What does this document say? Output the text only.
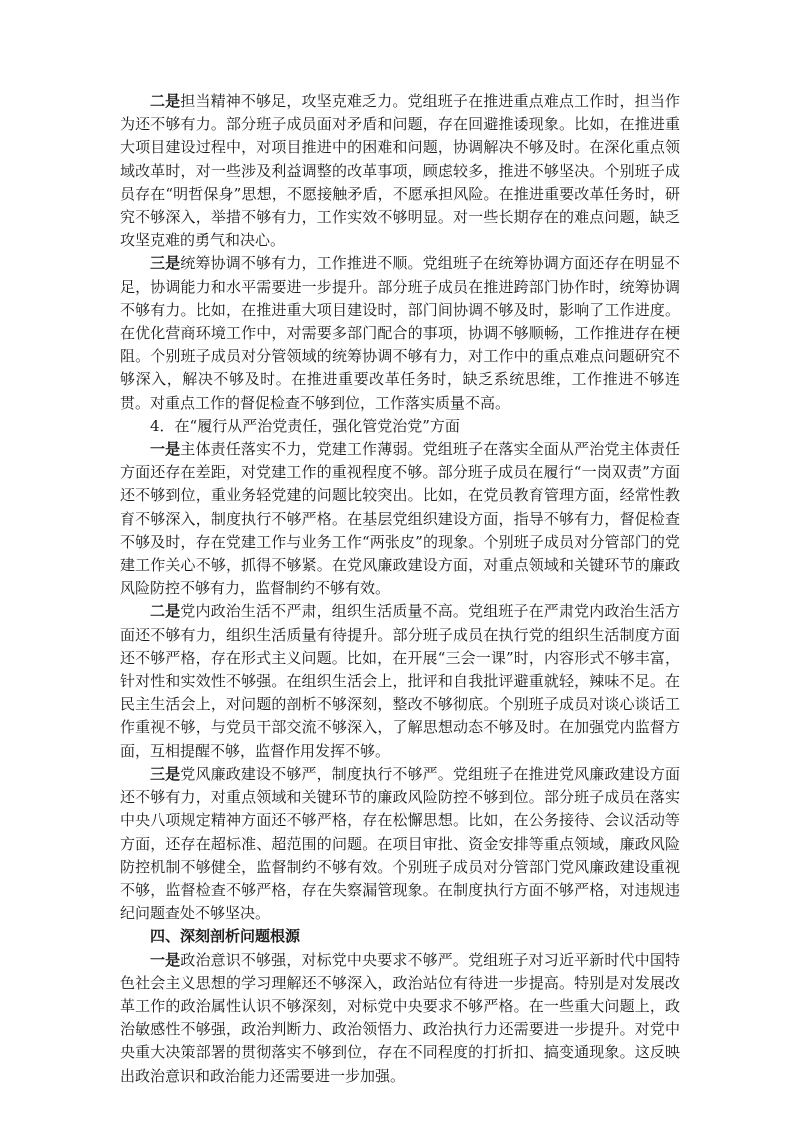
二是担当精神不够足，攻坚克难乏力。党组班子在推进重点难点工作时，担当作为还不够有力。部分班子成员面对矛盾和问题，存在回避推诿现象。比如，在推进重大项目建设过程中，对项目推进中的困难和问题，协调解决不够及时。在深化重点领域改革时，对一些涉及利益调整的改革事项，顾虑较多，推进不够坚决。个别班子成员存在“明哲保身”思想，不愿接触矛盾，不愿承担风险。在推进重要改革任务时，研究不够深入，举措不够有力，工作实效不够明显。对一些长期存在的难点问题，缺乏攻坚克难的勇气和决心。

三是统筹协调不够有力，工作推进不顺。党组班子在统筹协调方面还存在明显不足，协调能力和水平需要进一步提升。部分班子成员在推进跨部门协作时，统筹协调不够有力。比如，在推进重大项目建设时，部门间协调不够及时，影响了工作进度。在优化营商环境工作中，对需要多部门配合的事项，协调不够顺畅，工作推进存在梗阻。个别班子成员对分管领域的统筹协调不够有力，对工作中的重点难点问题研究不够深入，解决不够及时。在推进重要改革任务时，缺乏系统思维，工作推进不够连贯。对重点工作的督促检查不够到位，工作落实质量不高。

4．在“履行从严治党责任，强化管党治党”方面

一是主体责任落实不力，党建工作薄弱。党组班子在落实全面从严治党主体责任方面还存在差距，对党建工作的重视程度不够。部分班子成员在履行“一岗双责”方面还不够到位，重业务轻党建的问题比较突出。比如，在党员教育管理方面，经常性教育不够深入，制度执行不够严格。在基层党组织建设方面，指导不够有力，督促检查不够及时，存在党建工作与业务工作“两张皮”的现象。个别班子成员对分管部门的党建工作关心不够，抓得不够紧。在党风廉政建设方面，对重点领域和关键环节的廉政风险防控不够有力，监督制约不够有效。

二是党内政治生活不严肃，组织生活质量不高。党组班子在严肃党内政治生活方面还不够有力，组织生活质量有待提升。部分班子成员在执行党的组织生活制度方面还不够严格，存在形式主义问题。比如，在开展“三会一课”时，内容形式不够丰富，针对性和实效性不够强。在组织生活会上，批评和自我批评避重就轻，辣味不足。在民主生活会上，对问题的剖析不够深刻，整改不够彻底。个别班子成员对谈心谈话工作重视不够，与党员干部交流不够深入，了解思想动态不够及时。在加强党内监督方面，互相提醒不够，监督作用发挥不够。

三是党风廉政建设不够严，制度执行不够严。党组班子在推进党风廉政建设方面还不够有力，对重点领域和关键环节的廉政风险防控不够到位。部分班子成员在落实中央八项规定精神方面还不够严格，存在松懈思想。比如，在公务接待、会议活动等方面，还存在超标准、超范围的问题。在项目审批、资金安排等重点领域，廉政风险防控机制不够健全，监督制约不够有效。个别班子成员对分管部门党风廉政建设重视不够，监督检查不够严格，存在失察漏管现象。在制度执行方面不够严格，对违规违纪问题查处不够坚决。

四、深刻剖析问题根源

一是政治意识不够强，对标党中央要求不够严。党组班子对习近平新时代中国特色社会主义思想的学习理解还不够深入，政治站位有待进一步提高。特别是对发展改革工作的政治属性认识不够深刻，对标党中央要求不够严格。在一些重大问题上，政治敏感性不够强，政治判断力、政治领悟力、政治执行力还需要进一步提升。对党中央重大决策部署的贯彻落实不够到位，存在不同程度的打折扣、搞变通现象。这反映出政治意识和政治能力还需要进一步加强。
